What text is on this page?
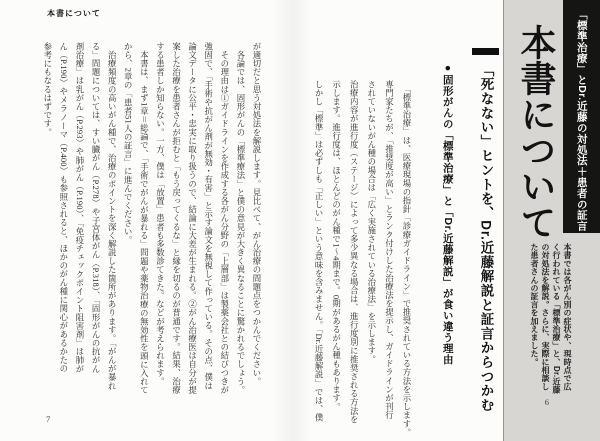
「標準治療」とDr.近藤の対処法＋患者の証言
本書について
本書では各がん別の症状や、現時点で広く行われている「標準治療」と、Dr.近藤の対処法を解説。さらに、実際に相談した患者さんの証言を加えました。
6
「死なない」ヒントを、Dr.近藤解説と証言からつかむ
●固形がんの「標準治療」と「Dr.近藤解説」が食い違う理由
　「標準治療」は、医療現場の指針「診療ガイドライン」で推奨されている方法を示します。
専門家たちが、「推奨度が高い」とランク付けした治療法を提示し、ガイドラインが刊行
されていないがん種の場合は「広く実施されている治療法」を示します。
治療内容が進行度（ステージ）によって多少異なる場合は、進行度別に推奨される方法を
示します。進行度は、ほとんどのがん種で1～4期まで。0期があるがん種もあります。
しかし「標準」は必ずしも「正しい」という意味を含みません。「Dr.近藤解説」では、僕
本書について
が適切だと思う対処法を解説します。見比べて、がん治療の問題点をつかんでください。
　各論では、固形がんの「標準療法」と僕の意見が大きく異なることに驚かれるでしょう。
　その理由は①ガイドラインを作成する各がん分野の「上層部」は製薬会社との結びつきが
強固で、「手術や抗がん剤が無効・有害」と示す論文を無視して作っている。その点、僕は
論文データに公平・忠実に取り扱うので、結論に大差が生まれる。②がん治療医は自分が提
案した治療を患者さんが拒むと「もう戻ってくるな」と縁を切るのが普通です。結果、治療
する患者しか知らない。一方、僕は「放置」患者も多数診てきた。などが考えられます。
　本書は、まず1章＝総論で、「手術でがんが暴れる」問題や薬物治療の無効性を頭に入れて
から、2章の「患者51人の証言」に進んでください。
　治療頻度の高いがん種で、治療のポイントを深く解説した箇所があります。「がんが暴れ
る」問題については、すい臓がん（P.278）や子宮体がん（P.318）、「固形がんの抗がん
剤治療」は乳がん（P.293）や肺がん（P.190）、「免疫チェックポイント阻害剤」は肺が
ん（P.190）やメラノーマ（P.400）も参照されると、ほかのがん種に関心があるかたの
参考にもなるはずです。
7
